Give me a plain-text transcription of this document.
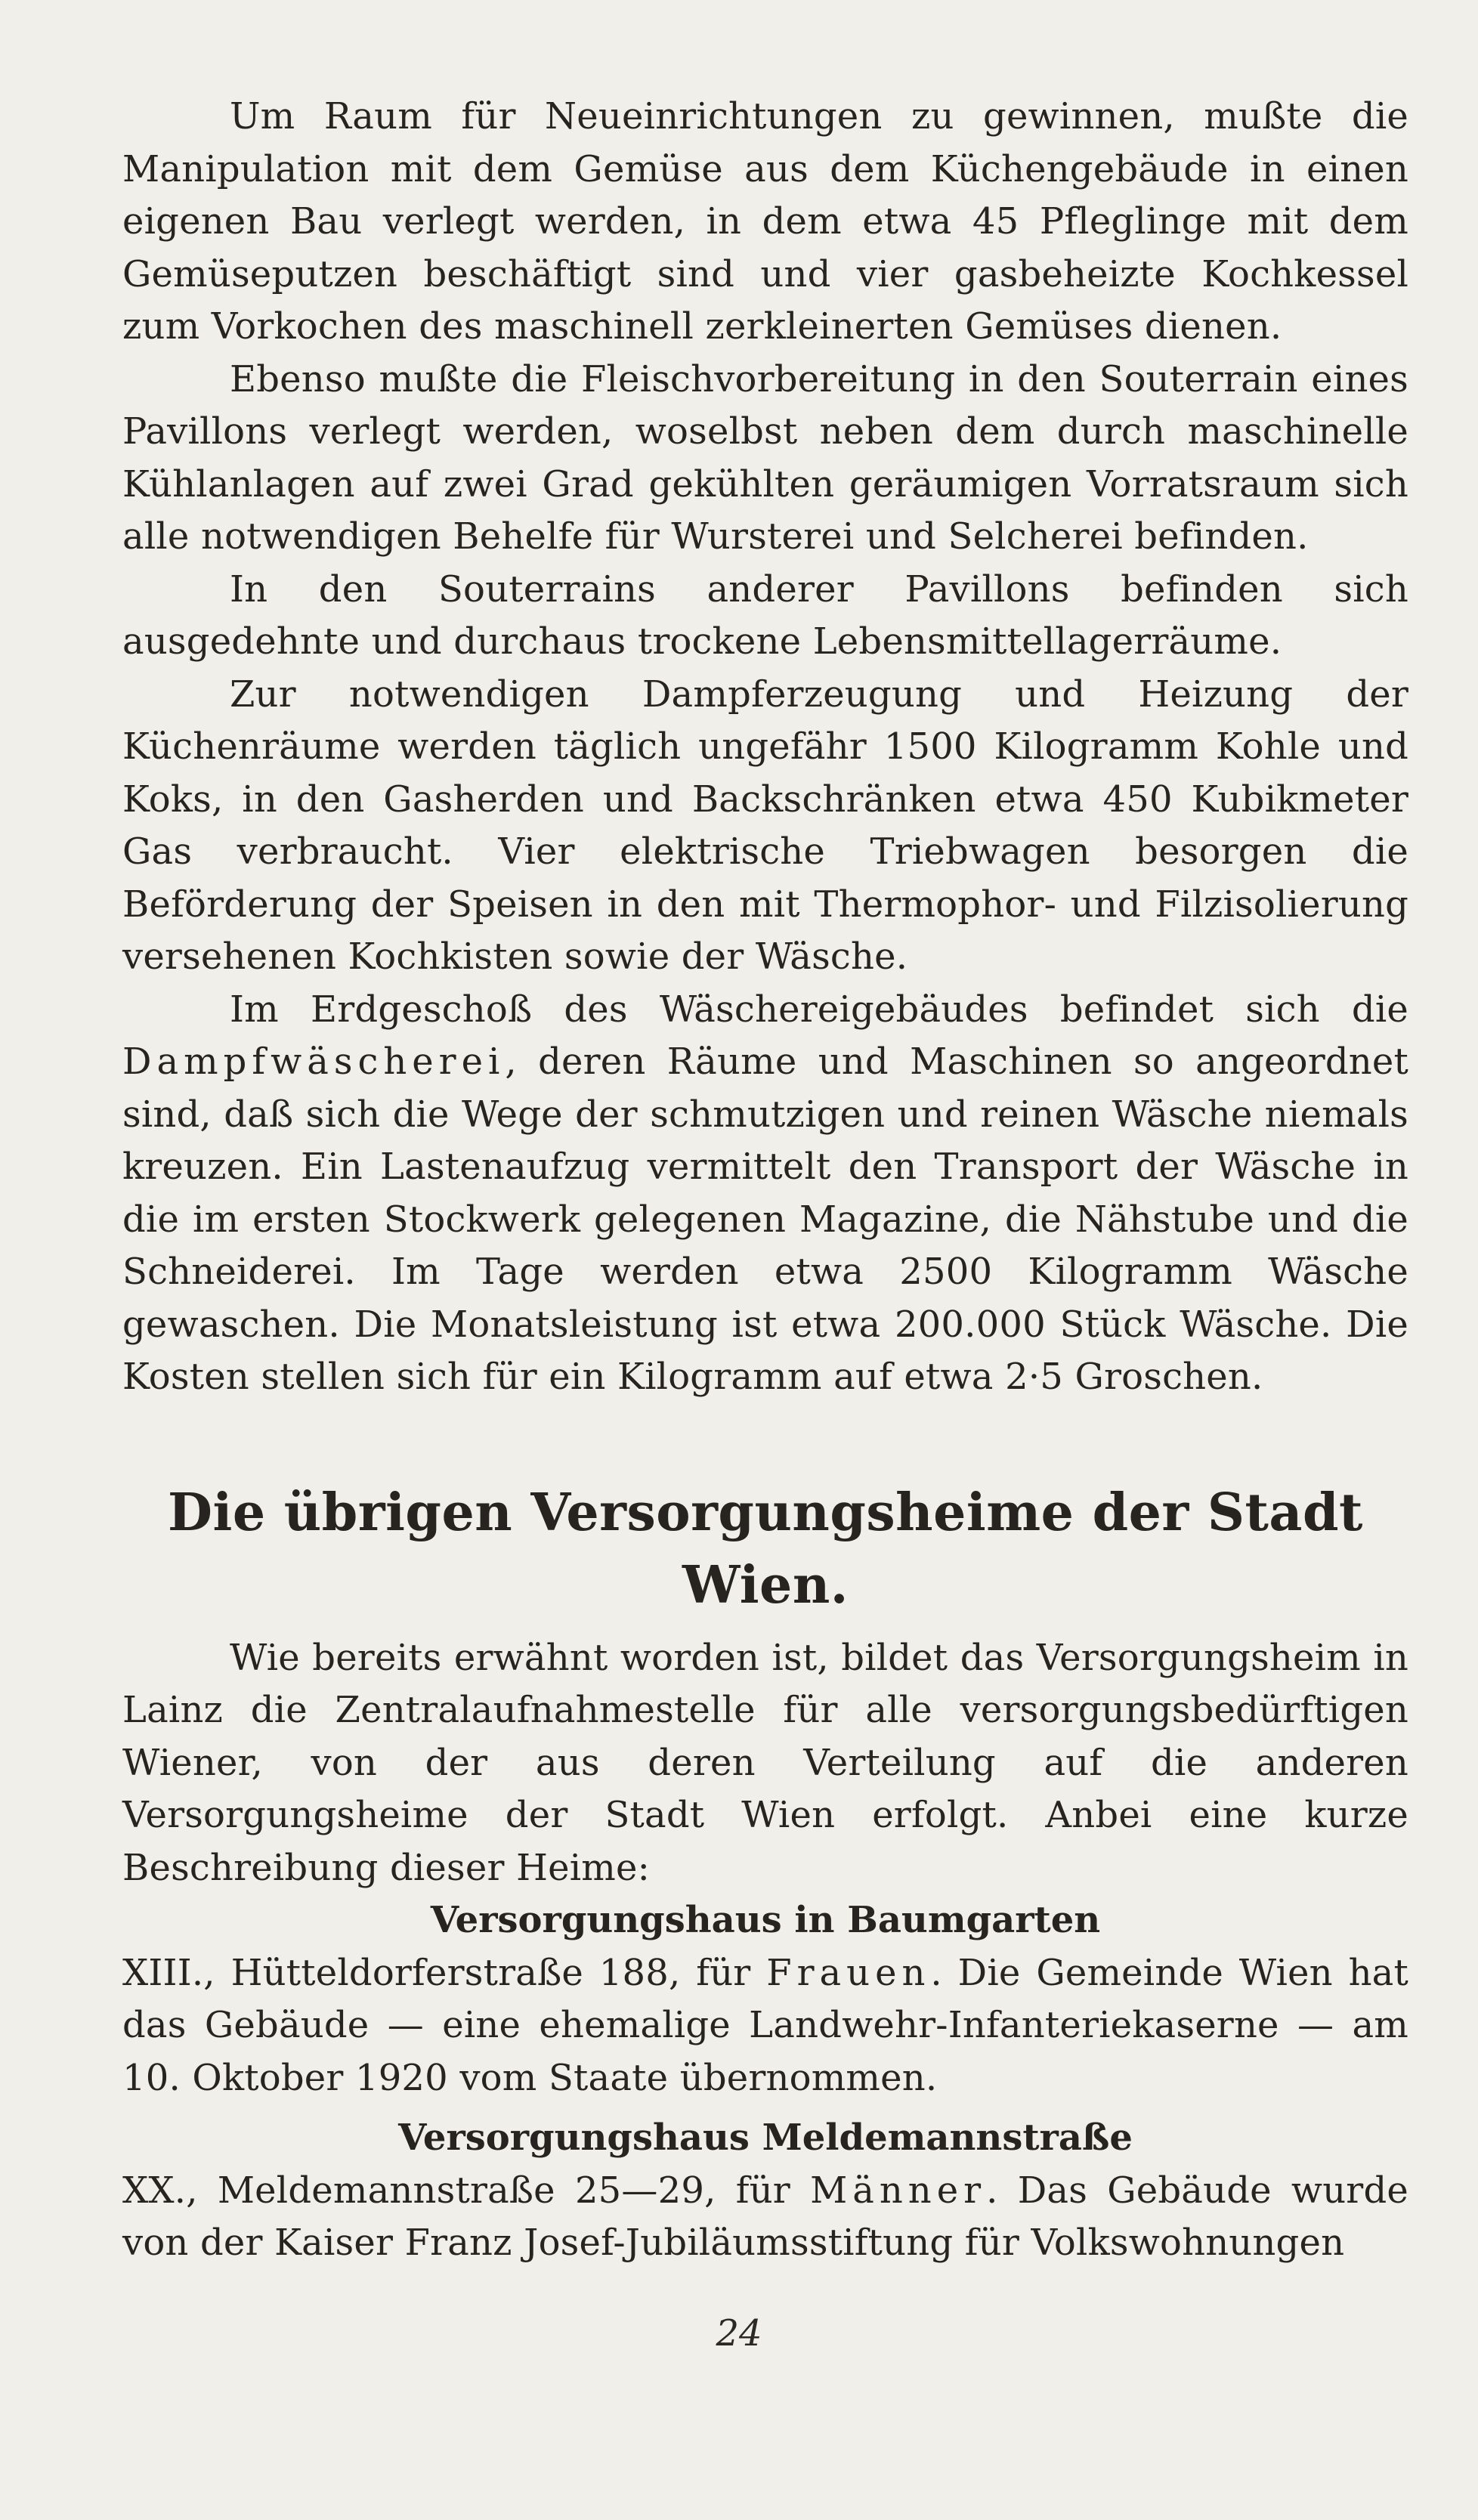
Um Raum für Neueinrichtungen zu gewinnen, mußte die Manipulation mit dem Gemüse aus dem Küchengebäude in einen eigenen Bau verlegt werden, in dem etwa 45 Pfleglinge mit dem Gemüseputzen beschäftigt sind und vier gasbeheizte Kochkessel zum Vorkochen des maschinell zerkleinerten Gemüses dienen.

Ebenso mußte die Fleischvorbereitung in den Souterrain eines Pavillons verlegt werden, woselbst neben dem durch maschinelle Kühlanlagen auf zwei Grad gekühlten geräumigen Vorratsraum sich alle notwendigen Behelfe für Wursterei und Selcherei befinden.

In den Souterrains anderer Pavillons befinden sich ausgedehnte und durchaus trockene Lebensmittellagerräume.

Zur notwendigen Dampferzeugung und Heizung der Küchenräume werden täglich ungefähr 1500 Kilogramm Kohle und Koks, in den Gasherden und Backschränken etwa 450 Kubikmeter Gas verbraucht. Vier elektrische Triebwagen besorgen die Beförderung der Speisen in den mit Thermophor- und Filzisolierung versehenen Kochkisten sowie der Wäsche.

Im Erdgeschoß des Wäschereigebäudes befindet sich die Dampfwäscherei, deren Räume und Maschinen so angeordnet sind, daß sich die Wege der schmutzigen und reinen Wäsche niemals kreuzen. Ein Lastenaufzug vermittelt den Transport der Wäsche in die im ersten Stockwerk gelegenen Magazine, die Nähstube und die Schneiderei. Im Tage werden etwa 2500 Kilogramm Wäsche gewaschen. Die Monatsleistung ist etwa 200.000 Stück Wäsche. Die Kosten stellen sich für ein Kilogramm auf etwa 2·5 Groschen.

Die übrigen Versorgungsheime der Stadt Wien.

Wie bereits erwähnt worden ist, bildet das Versorgungsheim in Lainz die Zentralaufnahmestelle für alle versorgungsbedürftigen Wiener, von der aus deren Verteilung auf die anderen Versorgungsheime der Stadt Wien erfolgt. Anbei eine kurze Beschreibung dieser Heime:

Versorgungshaus in Baumgarten

XIII., Hütteldorferstraße 188, für Frauen. Die Gemeinde Wien hat das Gebäude — eine ehemalige Landwehr-Infanteriekaserne — am 10. Oktober 1920 vom Staate übernommen.

Versorgungshaus Meldemannstraße

XX., Meldemannstraße 25—29, für Männer. Das Gebäude wurde von der Kaiser Franz Josef-Jubiläumsstiftung für Volkswohnungen

24
